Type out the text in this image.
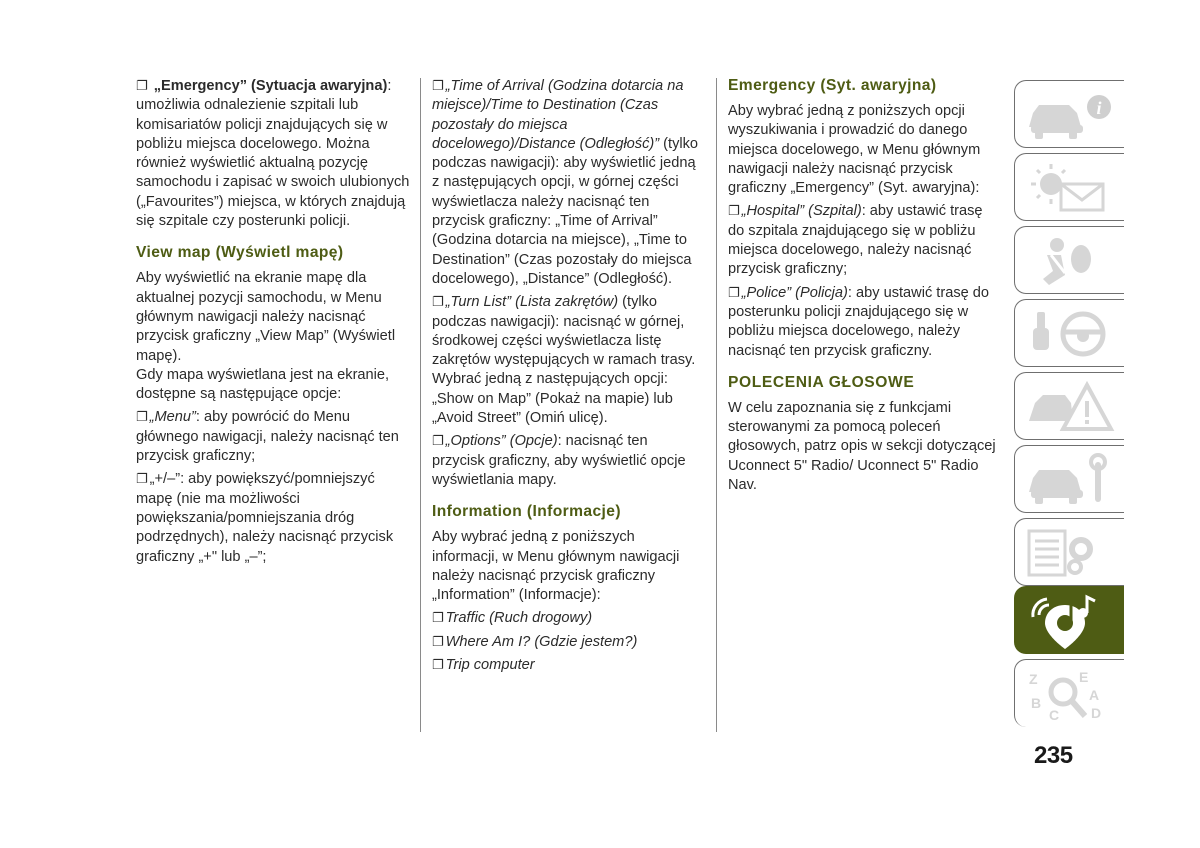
❐ „Emergency” (Sytuacja awaryjna): umożliwia odnalezienie szpitali lub komisariatów policji znajdujących się w pobliżu miejsca docelowego. Można również wyświetlić aktualną pozycję samochodu i zapisać w swoich ulubionych („Favourites”) miejsca, w których znajdują się szpitale czy posterunki policji.

View map (Wyświetl mapę)

Aby wyświetlić na ekranie mapę dla aktualnej pozycji samochodu, w Menu głównym nawigacji należy nacisnąć przycisk graficzny „View Map” (Wyświetl mapę).

Gdy mapa wyświetlana jest na ekranie, dostępne są następujące opcje:

❐ „Menu”: aby powrócić do Menu głównego nawigacji, należy nacisnąć ten przycisk graficzny;

❐ „+/–”: aby powiększyć/pomniejszyć mapę (nie ma możliwości powiększania/pomniejszania dróg podrzędnych), należy nacisnąć przycisk graficzny „+" lub „–”;

❐ „Time of Arrival (Godzina dotarcia na miejsce)/Time to Destination (Czas pozostały do miejsca docelowego)/Distance (Odległość)” (tylko podczas nawigacji): aby wyświetlić jedną z następujących opcji, w górnej części wyświetlacza należy nacisnąć ten przycisk graficzny: „Time of Arrival” (Godzina dotarcia na miejsce), „Time to Destination” (Czas pozostały do miejsca docelowego), „Distance” (Odległość).

❐ „Turn List” (Lista zakrętów) (tylko podczas nawigacji): nacisnąć w górnej, środkowej części wyświetlacza listę zakrętów występujących w ramach trasy. Wybrać jedną z następujących opcji: „Show on Map” (Pokaż na mapie) lub „Avoid Street” (Omiń ulicę).

❐ „Options” (Opcje): nacisnąć ten przycisk graficzny, aby wyświetlić opcje wyświetlania mapy.

Information (Informacje)

Aby wybrać jedną z poniższych informacji, w Menu głównym nawigacji należy nacisnąć przycisk graficzny „Information” (Informacje):

❐ Traffic (Ruch drogowy)

❐ Where Am I? (Gdzie jestem?)

❐ Trip computer

Emergency (Syt. awaryjna)

Aby wybrać jedną z poniższych opcji wyszukiwania i prowadzić do danego miejsca docelowego, w Menu głównym nawigacji należy nacisnąć przycisk graficzny „Emergency” (Syt. awaryjna):

❐ „Hospital” (Szpital): aby ustawić trasę do szpitala znajdującego się w pobliżu miejsca docelowego, należy nacisnąć przycisk graficzny;

❐ „Police” (Policja): aby ustawić trasę do posterunku policji znajdującego się w pobliżu miejsca docelowego, należy nacisnąć ten przycisk graficzny.

POLECENIA GŁOSOWE

W celu zapoznania się z funkcjami sterowanymi za pomocą poleceń głosowych, patrz opis w sekcji dotyczącej Uconnect 5" Radio/ Uconnect 5" Radio Nav.

i
Z	E
B	A
D
C
235
